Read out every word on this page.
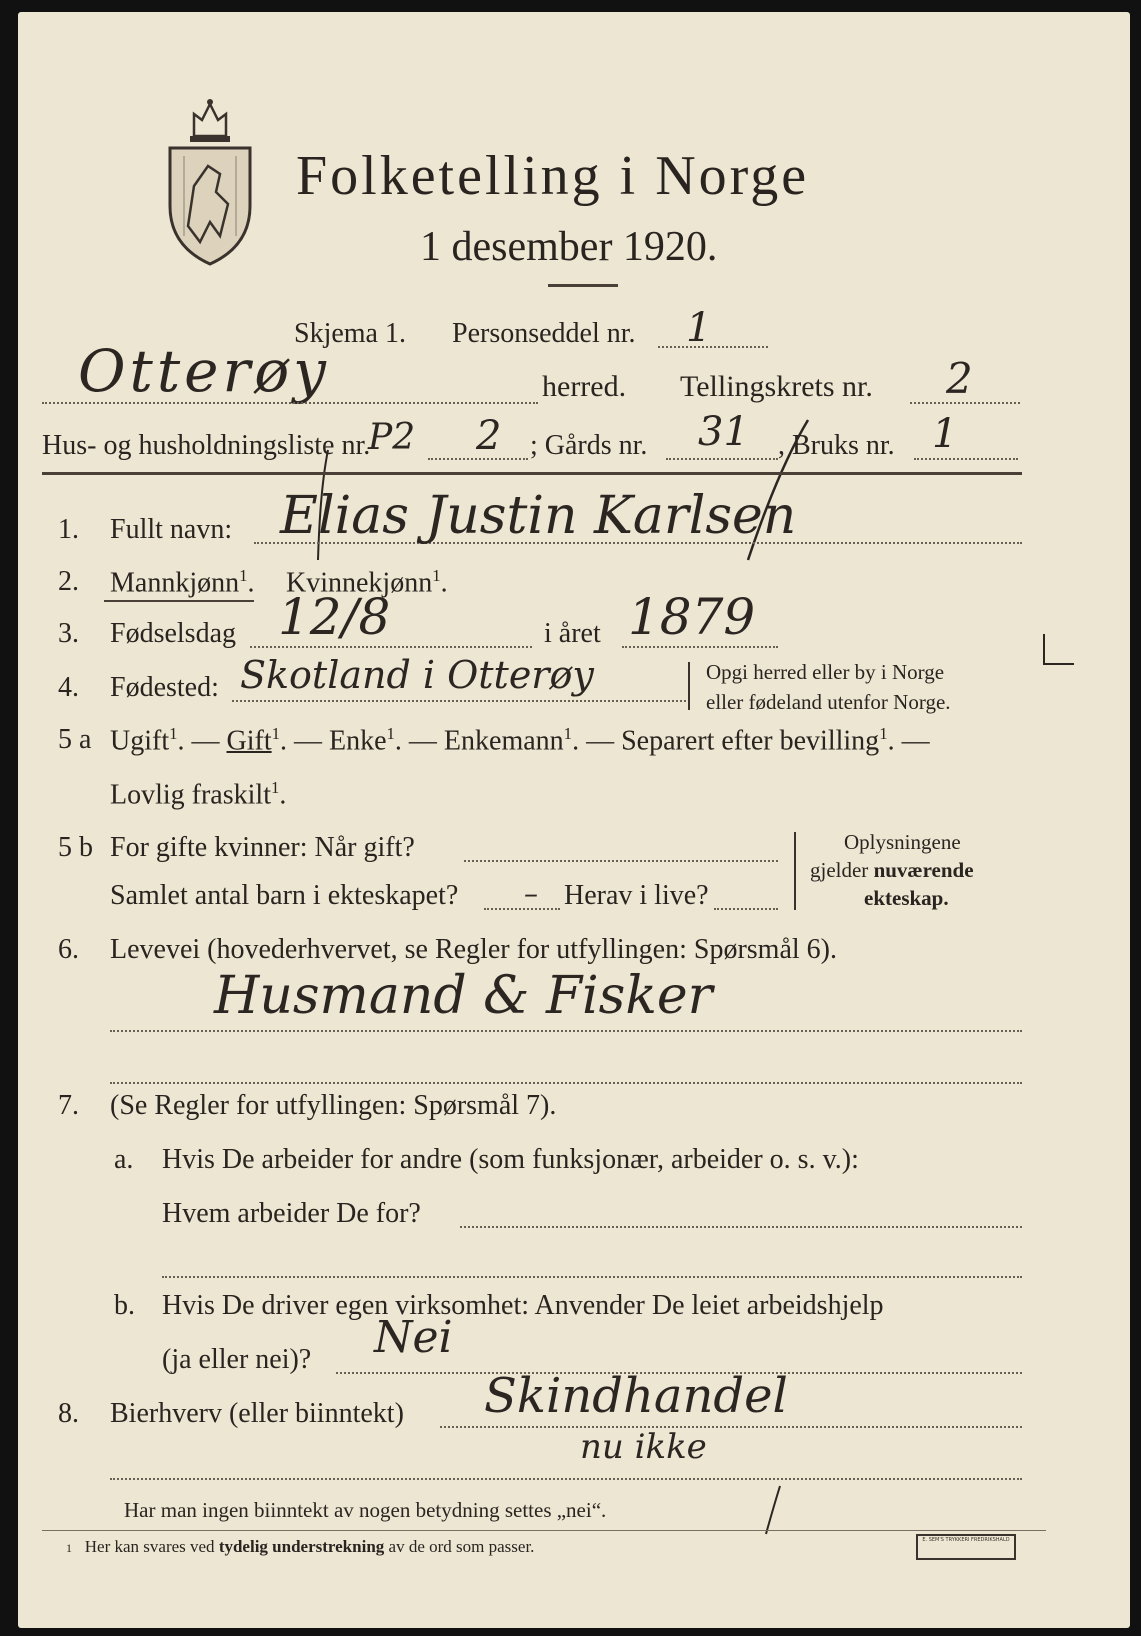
Folketelling i Norge
1 desember 1920.
Skjema 1. Personseddel nr. 1
Otterøy	herred. Tellingskrets nr. 2
Hus- og husholdningsliste nr.	2
P2	; Gårds nr. 31 , Bruks nr. 1
1. Fullt navn: Elias Justin Karlsen
2. Mannkjønn$^1$. Kvinnekjønn$^1$.
3. Fødselsdag 12/8	i året 1879
4. Fødested: Skotland i Otterøy	Opgi herred eller by i Norge
eller fødeland utenfor Norge.
5 a Ugift$^1$. — Gift$^1$. — Enke$^1$. — Enkemann$^1$. — Separert efter bevilling$^1$. —
Lovlig fraskilt$^1$.
5 b For gifte kvinner: Når gift?
Samlet antal barn i ekteskapet? – Herav i live?
Oplysningene
gjelder nuværende
ekteskap.
6. Levevei (hovederhvervet, se Regler for utfyllingen: Spørsmål 6).
Husmand & Fisker
7. (Se Regler for utfyllingen: Spørsmål 7).
a. Hvis De arbeider for andre (som funksjonær, arbeider o. s. v.):
Hvem arbeider De for?
b. Hvis De driver egen virksomhet: Anvender De leiet arbeidshjelp
(ja eller nei)? Nei
8. Bierhverv (eller biinntekt) Skindhandel
nu ikke
Har man ingen biinntekt av nogen betydning settes „nei“.
1 Her kan svares ved tydelig understrekning av de ord som passer.	E. SEM'S TRYKKERI FREDRIKSHALD
